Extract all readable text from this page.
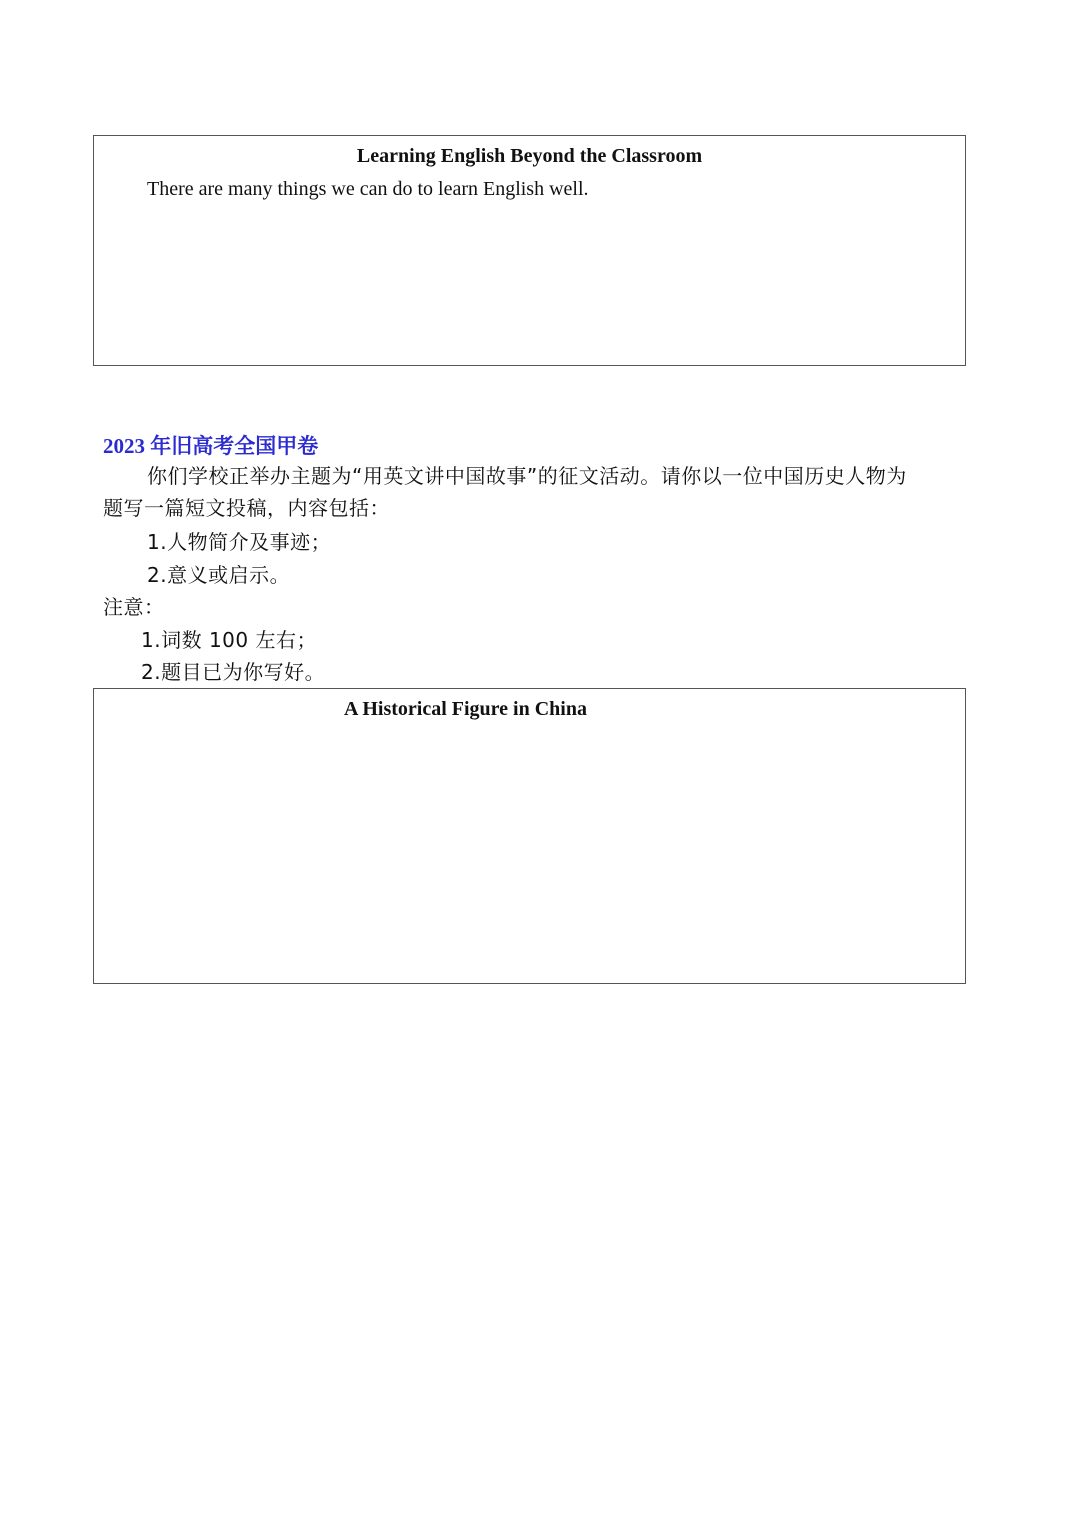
Learning English Beyond the Classroom
There are many things we can do to learn English well.
2023 年旧高考全国甲卷
你们学校正举办主题为“用英文讲中国故事”的征文活动。请你以一位中国历史人物为
题写一篇短文投稿，内容包括：
1.人物简介及事迹；
2.意义或启示。
注意：
1.词数 100 左右；
2.题目已为你写好。
A Historical Figure in China
